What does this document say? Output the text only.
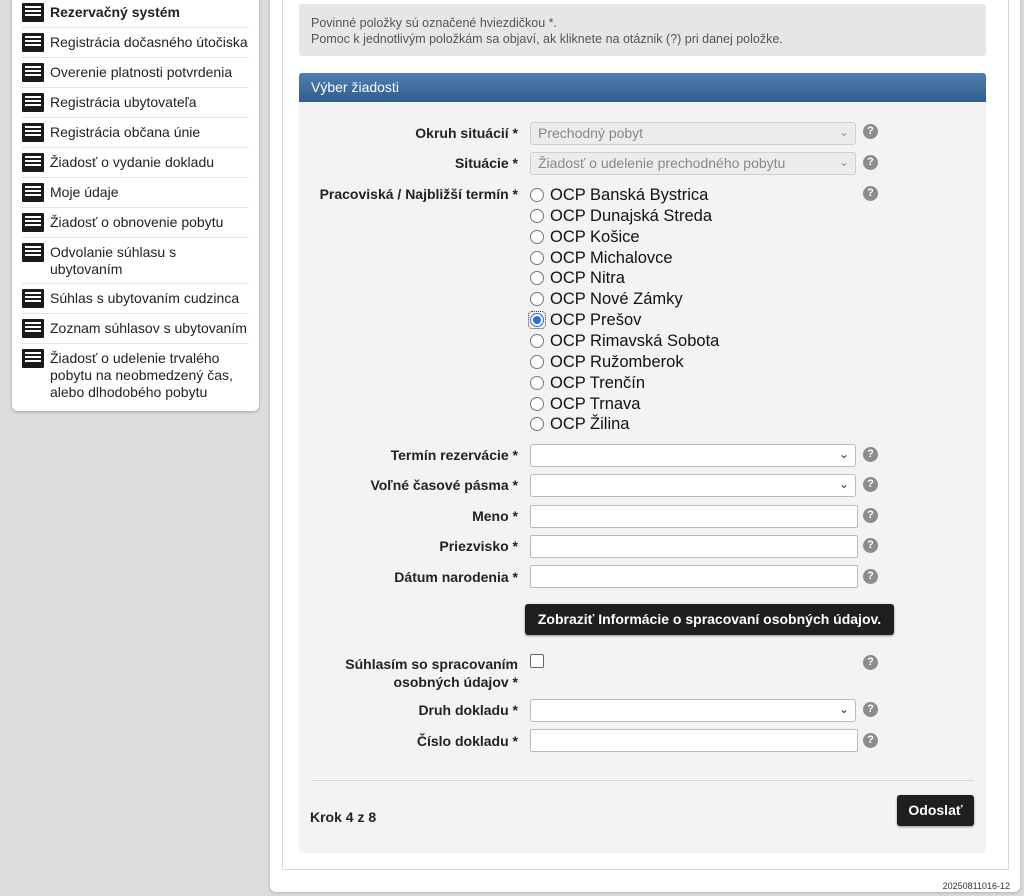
Rezervačný systém
Registrácia dočasného útočiska
Overenie platnosti potvrdenia
Registrácia ubytovateľa
Registrácia občana únie
Žiadosť o vydanie dokladu
Moje údaje
Žiadosť o obnovenie pobytu
Odvolanie súhlasu s ubytovaním
Súhlas s ubytovaním cudzinca
Zoznam súhlasov s ubytovaním
Žiadosť o udelenie trvalého pobytu na neobmedzený čas, alebo dlhodobého pobytu
Povinné položky sú označené hviezdičkou *.
Pomoc k jednotlivým položkám sa objaví, ak kliknete na otáznik (?) pri danej položke.
Výber žiadosti
Okruh situácií *	Prechodný pobyt	⌄	?
Situácie *	Žiadosť o udelenie prechodného pobytu	⌄	?
Pracoviská / Najbližší termín *	?
OCP Banská Bystrica
OCP Dunajská Streda
OCP Košice
OCP Michalovce
OCP Nitra
OCP Nové Zámky
OCP Prešov
OCP Rimavská Sobota
OCP Ružomberok
OCP Trenčín
OCP Trnava
OCP Žilina
Termín rezervácie *	⌄	?
Voľné časové pásma *	⌄	?
Meno *	?
Priezvisko *	?
Dátum narodenia *	?
Zobraziť Informácie o spracovaní osobných údajov.
Súhlasím so spracovaním
osobných údajov *
?
Druh dokladu *	⌄	?
Číslo dokladu *	?
Krok 4 z 8	Odoslať
20250811016-12
